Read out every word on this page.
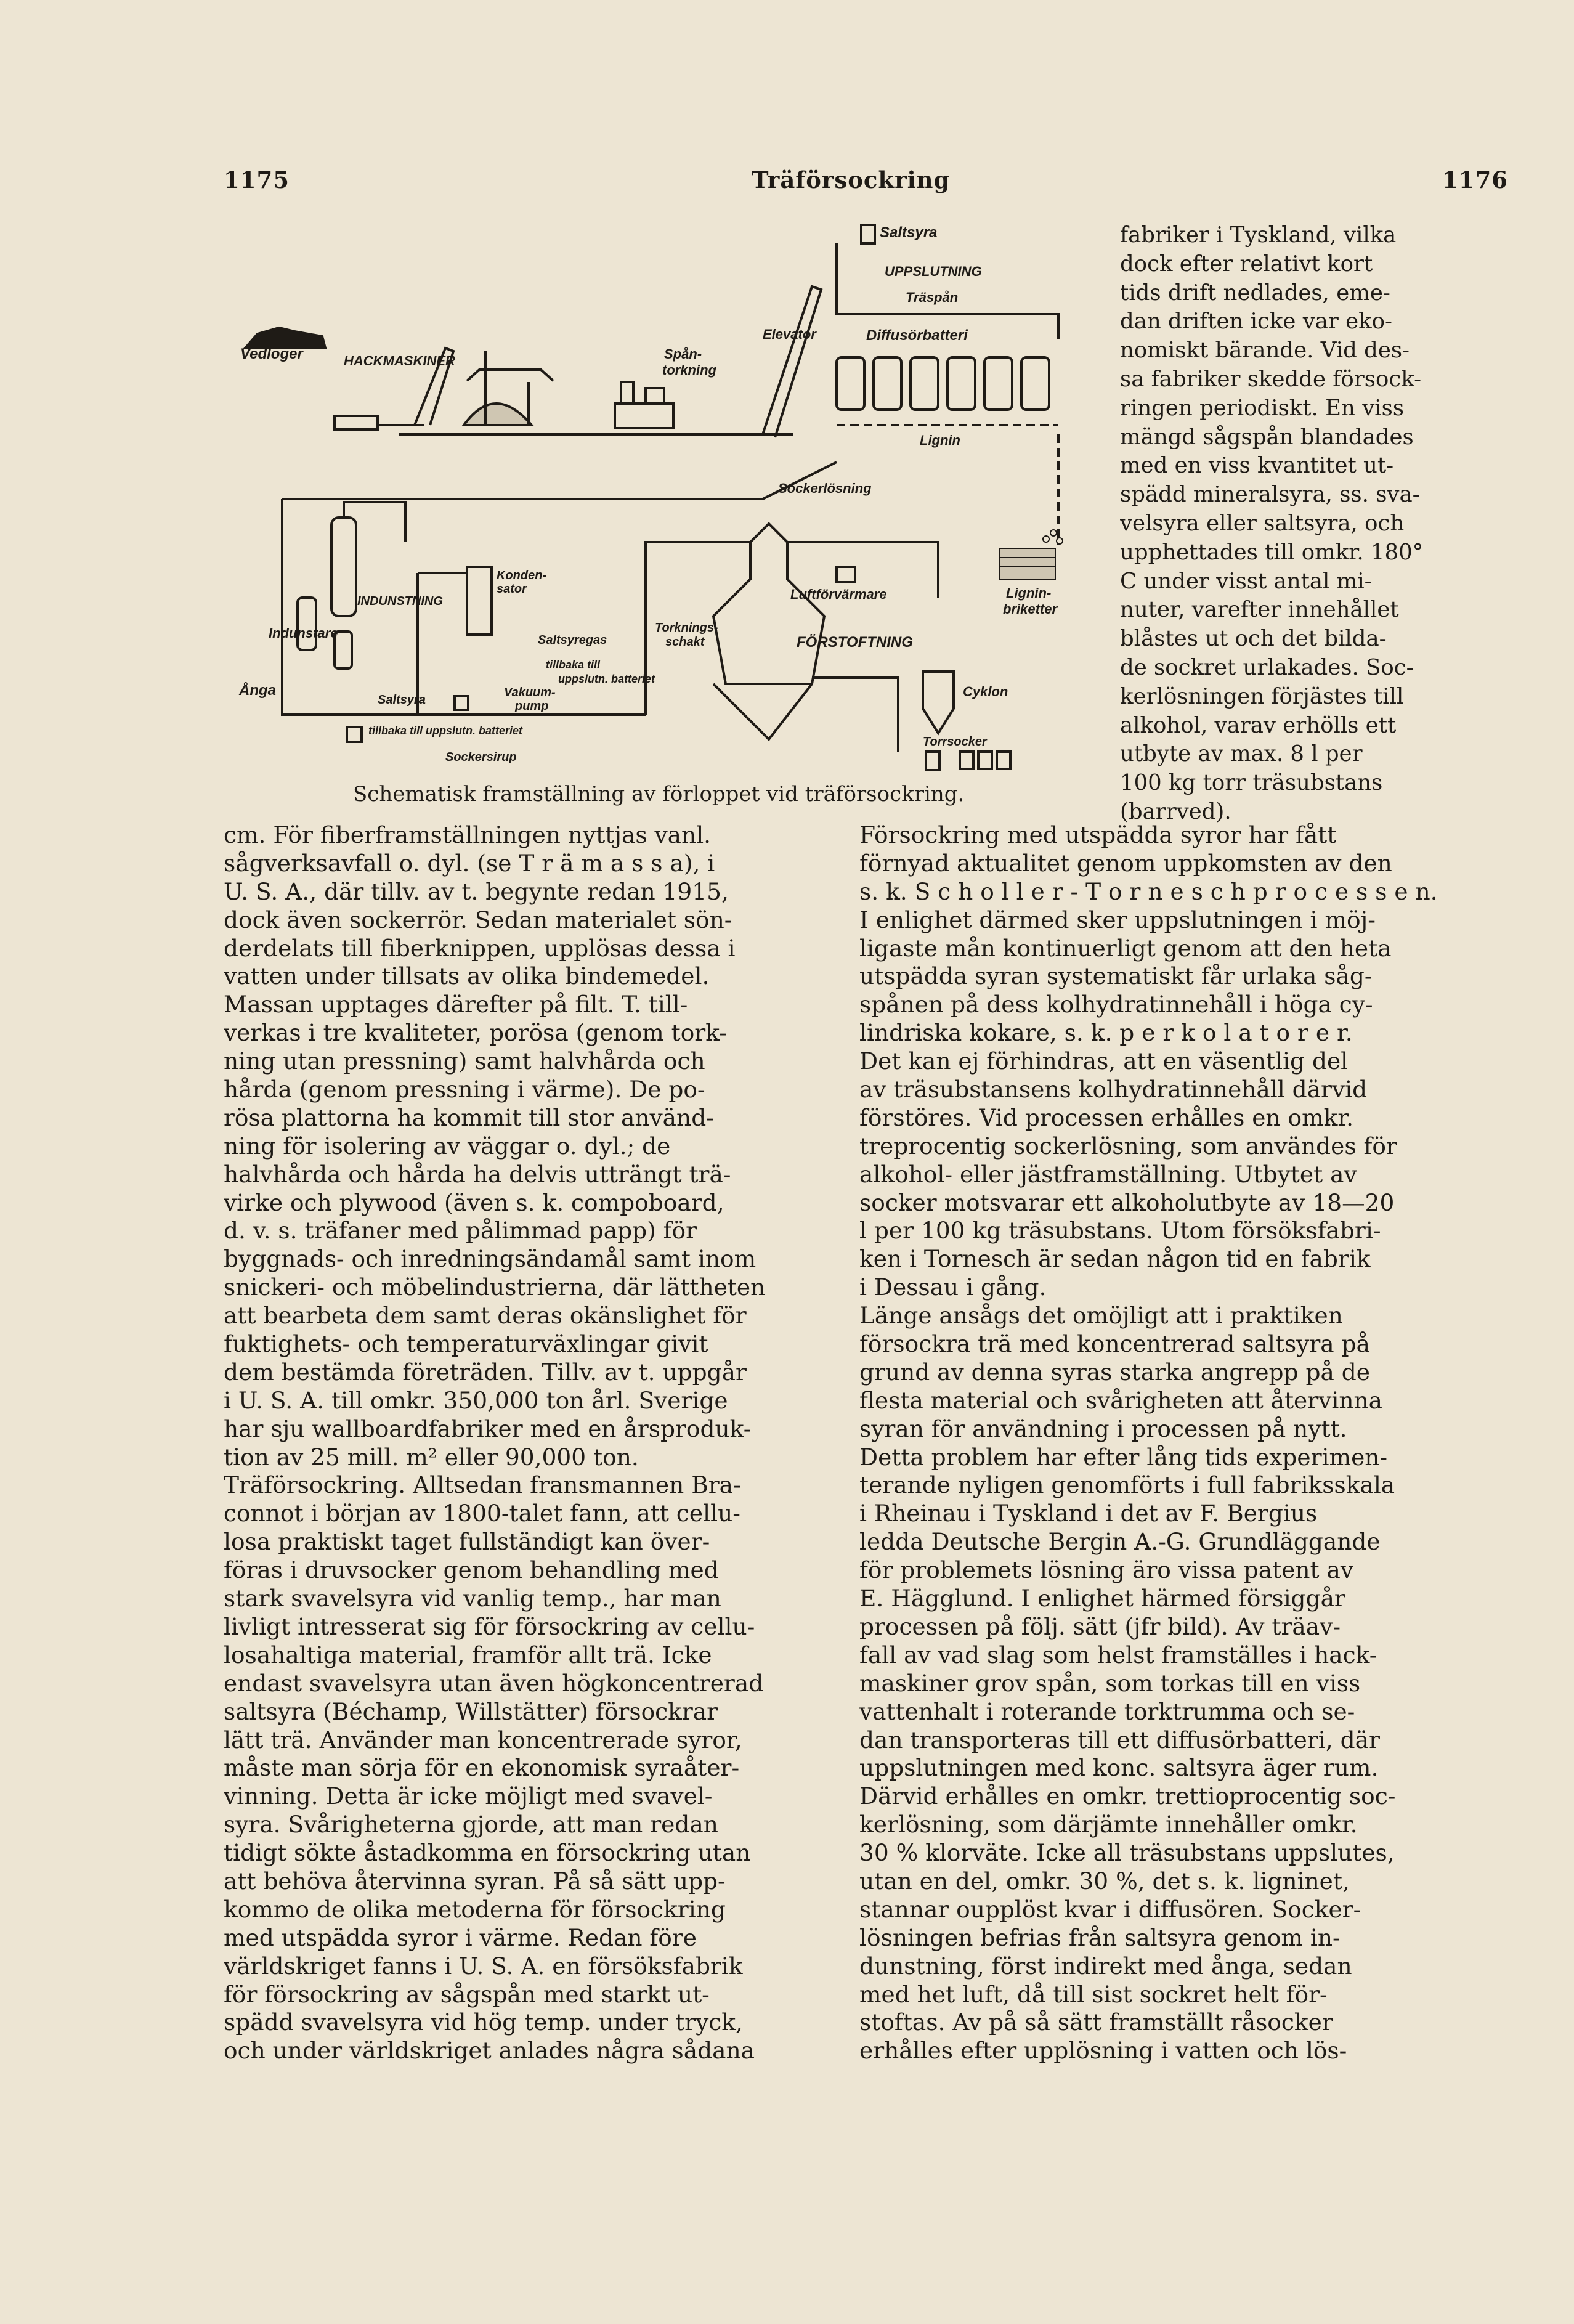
1175	Träförsockring	1176
Vedloger	HACKMASKINER	Spån-
torkning
Elevator
Saltsyra
UPPSLUTNING
Träspån
Diffusörbatteri
Lignin
Sockerlösning
Lignin-
briketter
Konden-
sator
INDUNSTNING
Indunstare
Ånga
Saltsyregas
tillbaka till
uppslutn. batteriet
Vakuum-
pump
Saltsyra
tillbaka till uppslutn. batteriet
Sockersirup
Torknings-
schakt
Luftförvärmare
FÖRSTOFTNING
Cyklon
Torrsocker
Schematisk framställning av förloppet vid träförsockring.
fabriker i Tyskland, vilka
dock efter relativt kort
tids drift nedlades, eme-
dan driften icke var eko-
nomiskt bärande. Vid des-
sa fabriker skedde försock-
ringen periodiskt. En viss
mängd sågspån blandades
med en viss kvantitet ut-
spädd mineralsyra, ss. sva-
velsyra eller saltsyra, och
upphettades till omkr. 180°
C under visst antal mi-
nuter, varefter innehållet
blåstes ut och det bilda-
de sockret urlakades. Soc-
kerlösningen förjästes till
alkohol, varav erhölls ett
utbyte av max. 8 l per
100 kg torr träsubstans
(barrved).
cm. För fiberframställningen nyttjas vanl.
sågverksavfall o. dyl. (se T r ä m a s s a), i
U. S. A., där tillv. av t. begynte redan 1915,
dock även sockerrör. Sedan materialet sön-
derdelats till fiberknippen, upplösas dessa i
vatten under tillsats av olika bindemedel.
Massan upptages därefter på filt. T. till-
verkas i tre kvaliteter, porösa (genom tork-
ning utan pressning) samt halvhårda och
hårda (genom pressning i värme). De po-
rösa plattorna ha kommit till stor använd-
ning för isolering av väggar o. dyl.; de
halvhårda och hårda ha delvis utträngt trä-
virke och plywood (även s. k. compoboard,
d. v. s. träfaner med pålimmad papp) för
byggnads- och inredningsändamål samt inom
snickeri- och möbelindustrierna, där lättheten
att bearbeta dem samt deras okänslighet för
fuktighets- och temperaturväxlingar givit
dem bestämda företräden. Tillv. av t. uppgår
i U. S. A. till omkr. 350,000 ton årl. Sverige
har sju wallboardfabriker med en årsproduk-
tion av 25 mill. m² eller 90,000 ton.
Träförsockring. Alltsedan fransmannen Bra-
connot i början av 1800-talet fann, att cellu-
losa praktiskt taget fullständigt kan över-
föras i druvsocker genom behandling med
stark svavelsyra vid vanlig temp., har man
livligt intresserat sig för försockring av cellu-
losahaltiga material, framför allt trä. Icke
endast svavelsyra utan även högkoncentrerad
saltsyra (Béchamp, Willstätter) försockrar
lätt trä. Använder man koncentrerade syror,
måste man sörja för en ekonomisk syraåter-
vinning. Detta är icke möjligt med svavel-
syra. Svårigheterna gjorde, att man redan
tidigt sökte åstadkomma en försockring utan
att behöva återvinna syran. På så sätt upp-
kommo de olika metoderna för försockring
med utspädda syror i värme. Redan före
världskriget fanns i U. S. A. en försöksfabrik
för försockring av sågspån med starkt ut-
spädd svavelsyra vid hög temp. under tryck,
och under världskriget anlades några sådana
Försockring med utspädda syror har fått
förnyad aktualitet genom uppkomsten av den
s. k. S c h o l l e r - T o r n e s c h p r o c e s s e n.
I enlighet därmed sker uppslutningen i möj-
ligaste mån kontinuerligt genom att den heta
utspädda syran systematiskt får urlaka såg-
spånen på dess kolhydratinnehåll i höga cy-
lindriska kokare, s. k. p e r k o l a t o r e r.
Det kan ej förhindras, att en väsentlig del
av träsubstansens kolhydratinnehåll därvid
förstöres. Vid processen erhålles en omkr.
treprocentig sockerlösning, som användes för
alkohol- eller jästframställning. Utbytet av
socker motsvarar ett alkoholutbyte av 18—20
l per 100 kg träsubstans. Utom försöksfabri-
ken i Tornesch är sedan någon tid en fabrik
i Dessau i gång.
Länge ansågs det omöjligt att i praktiken
försockra trä med koncentrerad saltsyra på
grund av denna syras starka angrepp på de
flesta material och svårigheten att återvinna
syran för användning i processen på nytt.
Detta problem har efter lång tids experimen-
terande nyligen genomförts i full fabriksskala
i Rheinau i Tyskland i det av F. Bergius
ledda Deutsche Bergin A.-G. Grundläggande
för problemets lösning äro vissa patent av
E. Hägglund. I enlighet härmed försiggår
processen på följ. sätt (jfr bild). Av träav-
fall av vad slag som helst framställes i hack-
maskiner grov spån, som torkas till en viss
vattenhalt i roterande torktrumma och se-
dan transporteras till ett diffusörbatteri, där
uppslutningen med konc. saltsyra äger rum.
Därvid erhålles en omkr. trettioprocentig soc-
kerlösning, som därjämte innehåller omkr.
30 % klorväte. Icke all träsubstans uppslutes,
utan en del, omkr. 30 %, det s. k. ligninet,
stannar oupplöst kvar i diffusören. Socker-
lösningen befrias från saltsyra genom in-
dunstning, först indirekt med ånga, sedan
med het luft, då till sist sockret helt för-
stoftas. Av på så sätt framställt råsocker
erhålles efter upplösning i vatten och lös-
